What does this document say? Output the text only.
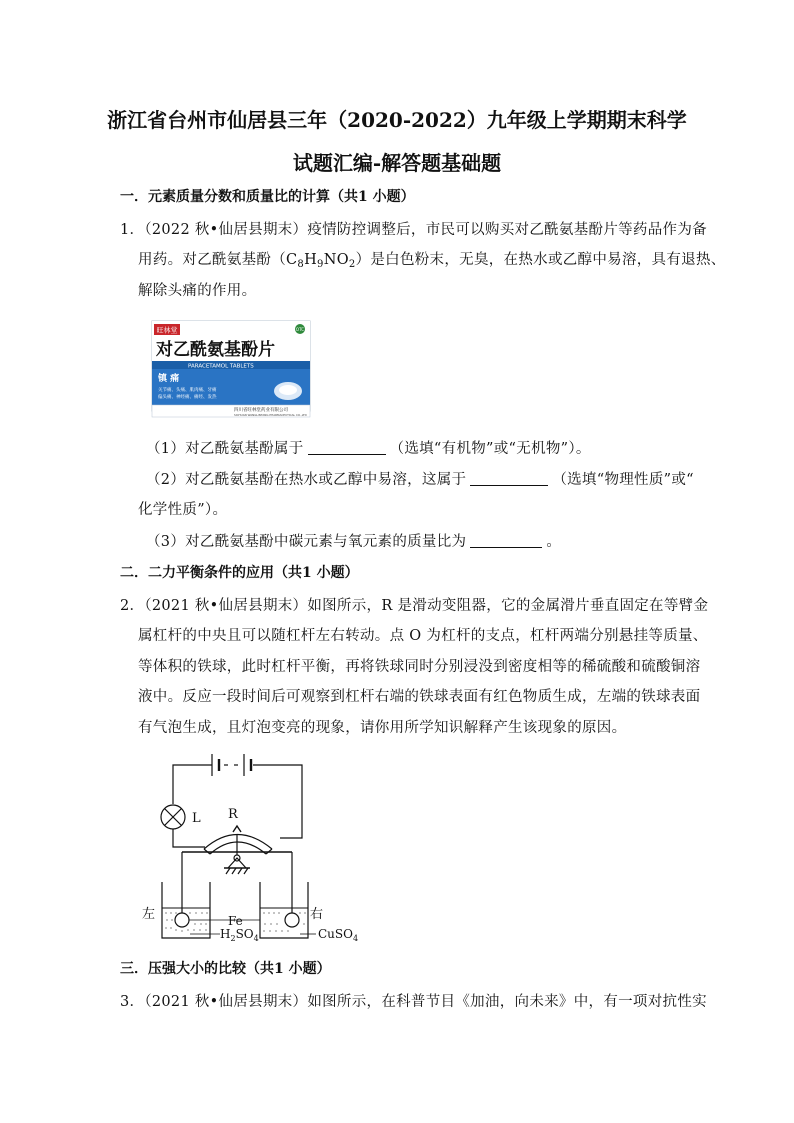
浙江省台州市仙居县三年（2020-2022）九年级上学期期末科学
试题汇编-解答题基础题
一．元素质量分数和质量比的计算（共1 小题）
1．（2022 秋•仙居县期末）疫情防控调整后，市民可以购买对乙酰氨基酚片等药品作为备
用药。对乙酰氨基酚$(C_8H_9NO_2)$是白色粉末，无臭，在热水或乙醇中易溶，具有退热、
解除头痛的作用。
旺林堂	OTC
对乙酰氨基酚片
PARACETAMOL TABLETS
镇 痛
关节痛、头痛、肌肉痛、牙痛
偏头痛、神经痛、痛经、发热
四川省旺林堂药业有限公司
SICHUAN WANGLINTANG PHARMACEUTICAL CO.,LTD
（1）对乙酰氨基酚属于	（选填“有机物”或“无机物”）。
（2）对乙酰氨基酚在热水或乙醇中易溶，这属于	（选填“物理性质”或“
化学性质”）。
（3）对乙酰氨基酚中碳元素与氧元素的质量比为	。
二．二力平衡条件的应用（共1 小题）
2．（2021 秋•仙居县期末）如图所示，R 是滑动变阻器，它的金属滑片垂直固定在等臂金
属杠杆的中央且可以随杠杆左右转动。点 O 为杠杆的支点，杠杆两端分别悬挂等质量、
等体积的铁球，此时杠杆平衡，再将铁球同时分别浸没到密度相等的稀硫酸和硫酸铜溶
液中。反应一段时间后可观察到杠杆右端的铁球表面有红色物质生成，左端的铁球表面
有气泡生成，且灯泡变亮的现象，请你用所学知识解释产生该现象的原因。
L R
左	右
Fe
$H_2SO_4$	CuSO$_4$
三．压强大小的比较（共1 小题）
3．（2021 秋•仙居县期末）如图所示，在科普节目《加油，向未来》中，有一项对抗性实
